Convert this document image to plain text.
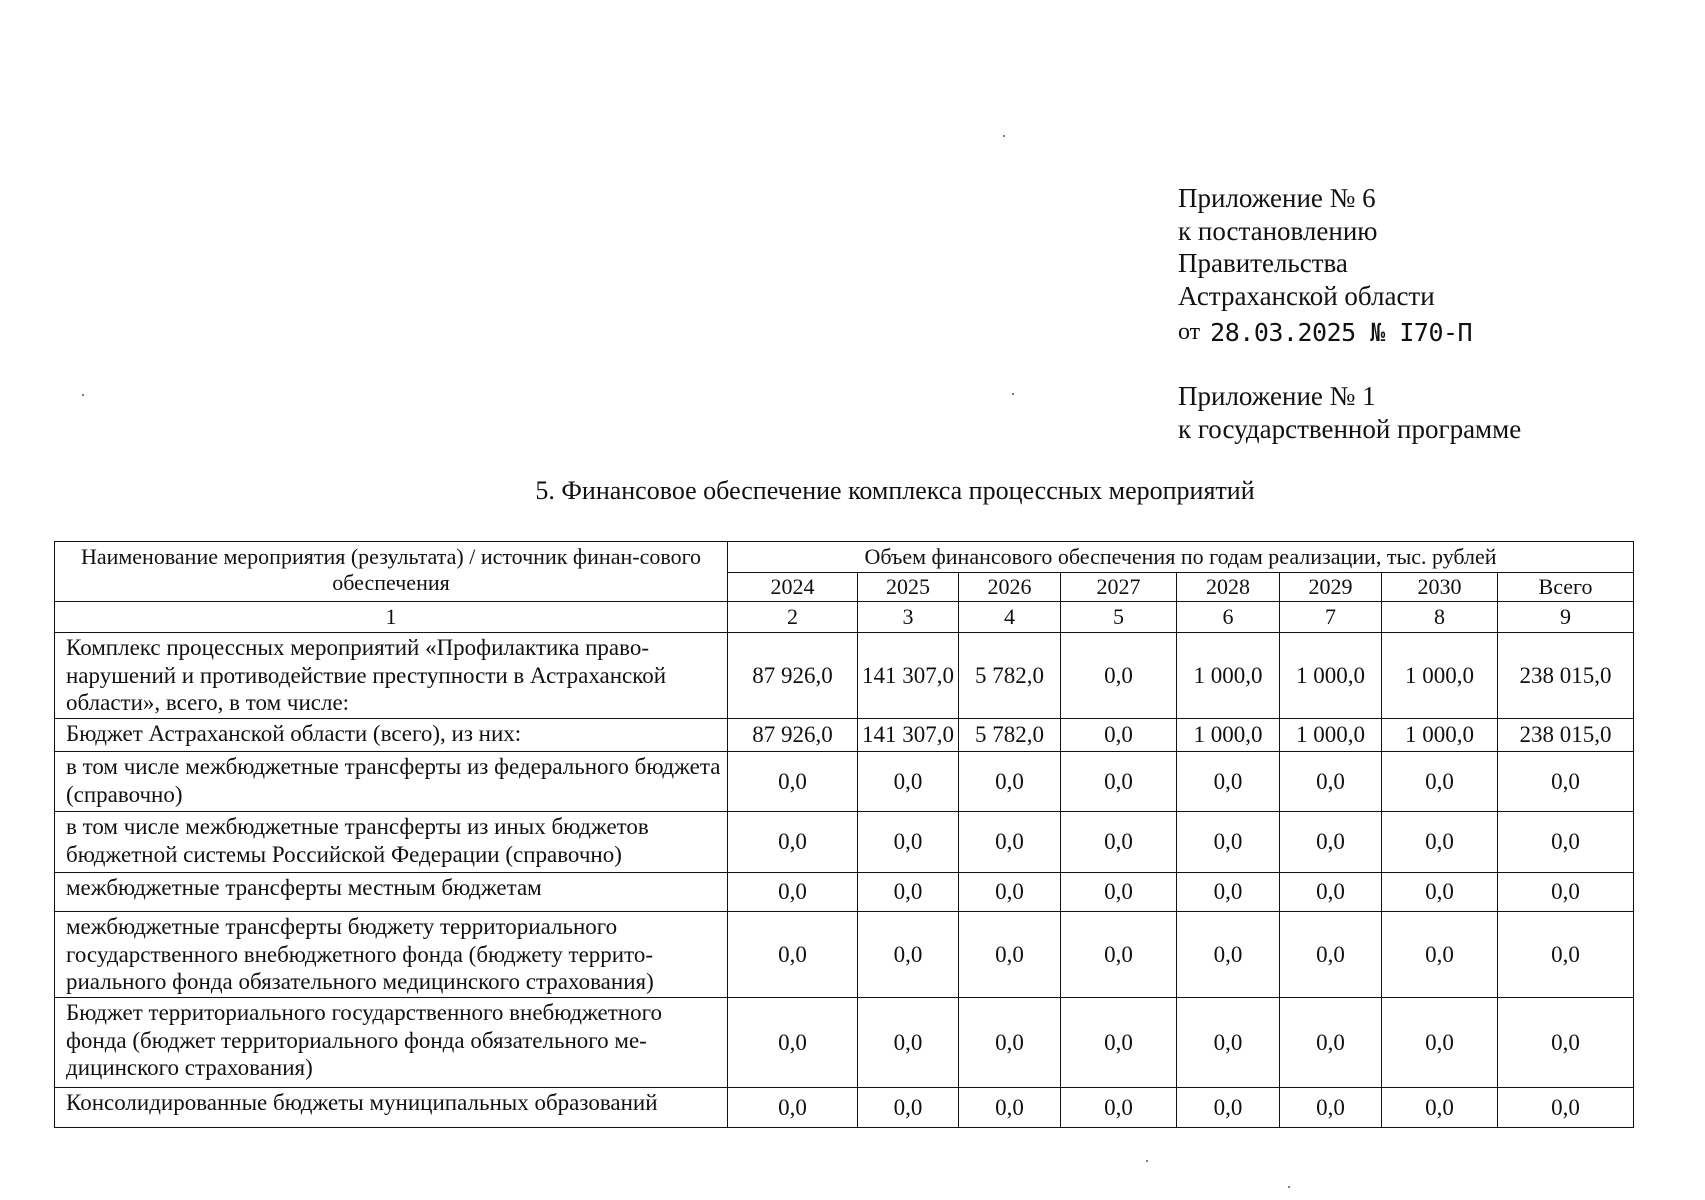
Приложение № 6
к постановлению
Правительства
Астраханской области
от 28.03.2025 № I70-П
Приложение № 1
к государственной программе
5. Финансовое обеспечение комплекса процессных мероприятий
Наименование мероприятия (результата) / источник финан-сового обеспечения	Объем финансового обеспечения по годам реализации, тыс. рублей							
	2024	2025	2026	2027	2028	2029	2030	Всего
1	2	3	4	5	6	7	8	9
Комплекс процессных мероприятий «Профилактика право-нарушений и противодействие преступности в Астраханской области», всего, в том числе:	87 926,0	141 307,0	5 782,0	0,0	1 000,0	1 000,0	1 000,0	238 015,0
Бюджет Астраханской области (всего), из них:	87 926,0	141 307,0	5 782,0	0,0	1 000,0	1 000,0	1 000,0	238 015,0
в том числе межбюджетные трансферты из федерального бюджета (справочно)	0,0	0,0	0,0	0,0	0,0	0,0	0,0	0,0
в том числе межбюджетные трансферты из иных бюджетов бюджетной системы Российской Федерации (справочно)	0,0	0,0	0,0	0,0	0,0	0,0	0,0	0,0
межбюджетные трансферты местным бюджетам	0,0	0,0	0,0	0,0	0,0	0,0	0,0	0,0
межбюджетные трансферты бюджету территориального государственного внебюджетного фонда (бюджету террито-риального фонда обязательного медицинского страхования)	0,0	0,0	0,0	0,0	0,0	0,0	0,0	0,0
Бюджет территориального государственного внебюджетного фонда (бюджет территориального фонда обязательного ме-дицинского страхования)	0,0	0,0	0,0	0,0	0,0	0,0	0,0	0,0
Консолидированные бюджеты муниципальных образований	0,0	0,0	0,0	0,0	0,0	0,0	0,0	0,0
